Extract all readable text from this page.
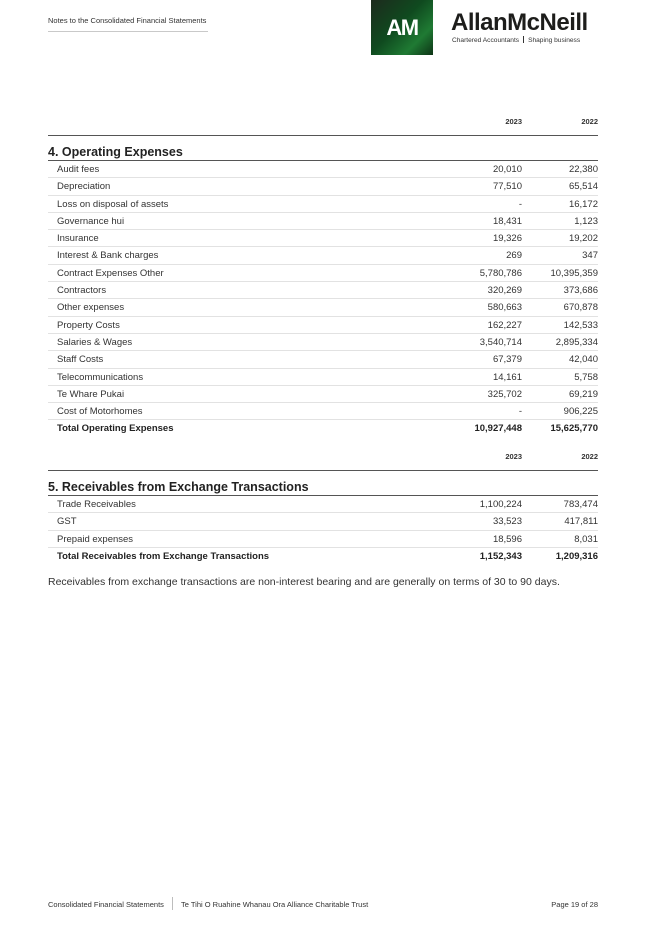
Notes to the Consolidated Financial Statements	AM AllanMcNeill
Chartered Accountants Shaping business
2023	2022
4. Operating Expenses
Audit fees	20,010	22,380
Depreciation	77,510	65,514
Loss on disposal of assets	-	16,172
Governance hui	18,431	1,123
Insurance	19,326	19,202
Interest & Bank charges	269	347
Contract Expenses Other	5,780,786	10,395,359
Contractors	320,269	373,686
Other expenses	580,663	670,878
Property Costs	162,227	142,533
Salaries & Wages	3,540,714	2,895,334
Staff Costs	67,379	42,040
Telecommunications	14,161	5,758
Te Whare Pukai	325,702	69,219
Cost of Motorhomes	-	906,225
Total Operating Expenses	10,927,448	15,625,770
2023	2022
5. Receivables from Exchange Transactions
Trade Receivables	1,100,224	783,474
GST	33,523	417,811
Prepaid expenses	18,596	8,031
Total Receivables from Exchange Transactions	1,152,343	1,209,316
Receivables from exchange transactions are non-interest bearing and are generally on terms of 30 to 90 days.
Consolidated Financial Statements Te Tihi O Ruahine Whanau Ora Alliance Charitable Trust	Page 19 of 28
